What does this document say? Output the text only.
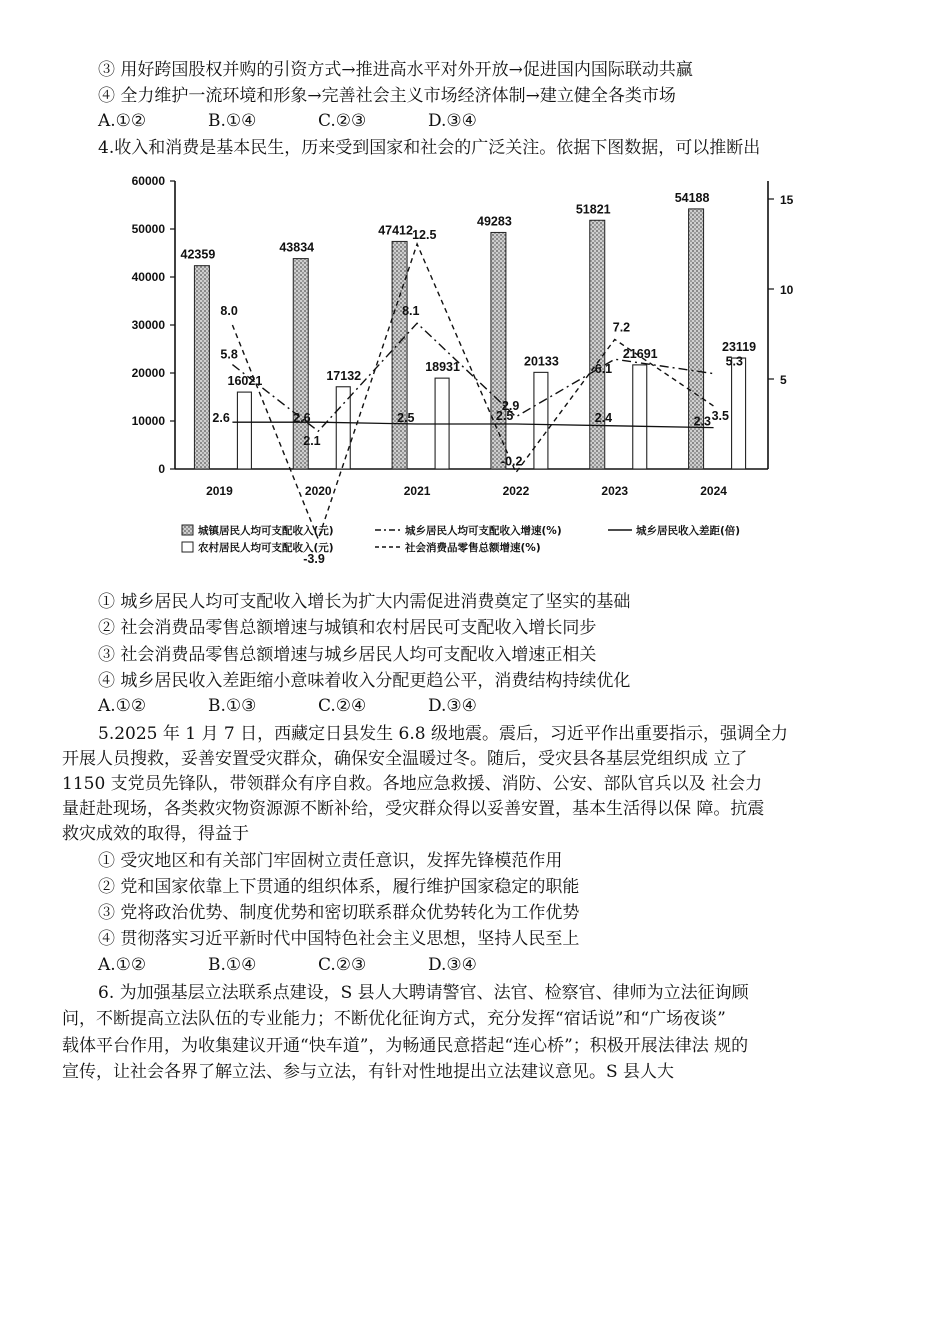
③ 用好跨国股权并购的引资方式→推进高水平对外开放→促进国内国际联动共赢
④ 全力维护一流环境和形象→完善社会主义市场经济体制→建立健全各类市场
A.①②	B.①④	C.②③	D.③④
4.收入和消费是基本民生，历来受到国家和社会的广泛关注。依据下图数据，可以推断出
0
10000
20000
30000
40000
50000
60000
5
10
15
2019	2020	2021	2022	2023	2024
42359
43834
47412
49283
51821
54188
16021	17132
18931	20133
21691	23119
5.8
2.1
8.1
2.9
6.1
5.3
2.6	2.6	2.5	2.5	2.4	2.3
8.0
-3.9
12.5
-0.2
7.2
3.5
城镇居民人均可支配收入(元)
农村居民人均可支配收入(元)
城乡居民人均可支配收入增速(%)
社会消费品零售总额增速(%)
城乡居民收入差距(倍)
① 城乡居民人均可支配收入增长为扩大内需促进消费奠定了坚实的基础
② 社会消费品零售总额增速与城镇和农村居民可支配收入增长同步
③ 社会消费品零售总额增速与城乡居民人均可支配收入增速正相关
④ 城乡居民收入差距缩小意味着收入分配更趋公平，消费结构持续优化
A.①②	B.①③	C.②④	D.③④
5.2025 年 1 月 7 日，西藏定日县发生 6.8 级地震。震后，习近平作出重要指示，强调全力
开展人员搜救，妥善安置受灾群众，确保安全温暖过冬。随后，受灾县各基层党组织成 立了
1150 支党员先锋队，带领群众有序自救。各地应急救援、消防、公安、部队官兵以及 社会力
量赶赴现场，各类救灾物资源源不断补给，受灾群众得以妥善安置，基本生活得以保 障。抗震
救灾成效的取得，得益于
① 受灾地区和有关部门牢固树立责任意识，发挥先锋模范作用
② 党和国家依靠上下贯通的组织体系，履行维护国家稳定的职能
③ 党将政治优势、制度优势和密切联系群众优势转化为工作优势
④ 贯彻落实习近平新时代中国特色社会主义思想，坚持人民至上
A.①②	B.①④	C.②③	D.③④
6. 为加强基层立法联系点建设，S 县人大聘请警官、法官、检察官、律师为立法征询顾
问，不断提高立法队伍的专业能力；不断优化征询方式，充分发挥“宿话说”和“广场夜谈”
载体平台作用，为收集建议开通“快车道”，为畅通民意搭起“连心桥”；积极开展法律法 规的
宣传，让社会各界了解立法、参与立法，有针对性地提出立法建议意见。S 县人大
